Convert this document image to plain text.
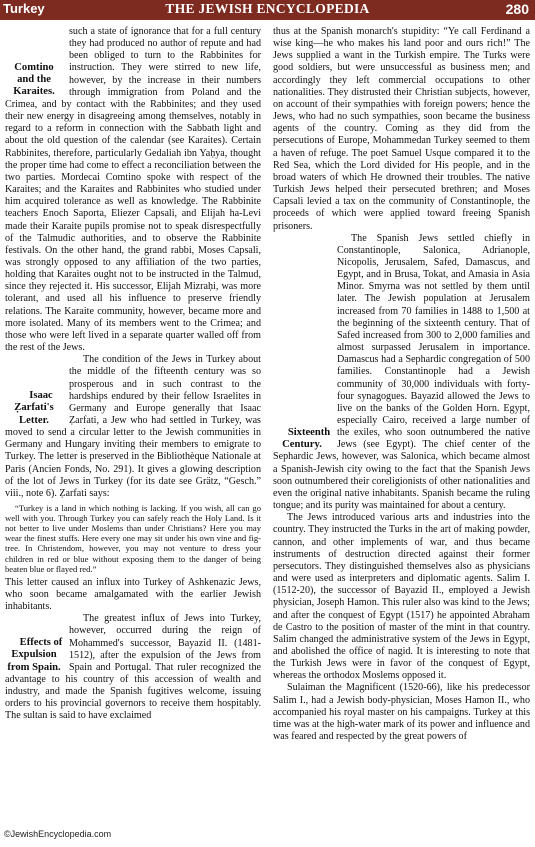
Turkey	THE JEWISH ENCYCLOPEDIA	280

Comtino
and the
Karaites.
such a state of ignorance that for a full century they had produced no author of repute and had been obliged to turn to the Rabbinites for instruction. They were stirred to new life, however, by the increase in their numbers through immigration from Poland and the Crimea, and by contact with the Rabbinites; and they used their new energy in disagreeing among themselves, notably in regard to a reform in connection with the Sabbath light and about the old question of the calendar (see Karaites). Certain Rabbinites, therefore, particularly Gedaliah ibn Yaḥya, thought the proper time had come to effect a reconciliation between the two parties. Mordecai Comtino spoke with respect of the Karaites; and the Karaites and Rabbinites who studied under him acquired tolerance as well as knowledge. The Rabbinite teachers Enoch Saporta, Eliezer Capsali, and Elijah ha-Levi made their Karaite pupils promise not to speak disrespectfully of the Talmudic authorities, and to observe the Rabbinite festivals. On the other hand, the grand rabbi, Moses Capsali, was strongly opposed to any affiliation of the two parties, holding that Karaites ought not to be instructed in the Talmud, since they rejected it. His successor, Elijah Mizraḥi, was more tolerant, and used all his influence to preserve friendly relations. The Karaite community, however, became more and more isolated. Many of its members went to the Crimea; and those who were left lived in a separate quarter walled off from the rest of the Jews.

Isaac
Ẓarfati's
Letter.
The condition of the Jews in Turkey about the middle of the fifteenth century was so prosperous and in such contrast to the hardships endured by their fellow Israelites in Germany and Europe generally that Isaac Ẓarfati, a Jew who had settled in Turkey, was moved to send a circular letter to the Jewish communities in Germany and Hungary inviting their members to emigrate to Turkey. The letter is preserved in the Bibliothèque Nationale at Paris (Ancien Fonds, No. 291). It gives a glowing description of the lot of Jews in Turkey (for its date see Grätz, “Gesch.” viii., note 6). Ẓarfati says:

“Turkey is a land in which nothing is lacking. If you wish, all can go well with you. Through Turkey you can safely reach the Holy Land. Is it not better to live under Moslems than under Christians? Here you may wear the finest stuffs. Here every one may sit under his own vine and fig-tree. In Christendom, however, you may not venture to dress your children in red or blue without exposing them to the danger of being beaten blue or flayed red.”

This letter caused an influx into Turkey of Ashkenazic Jews, who soon became amalgamated with the earlier Jewish inhabitants.

Effects of
Expulsion
from Spain.
The greatest influx of Jews into Turkey, however, occurred during the reign of Mohammed's successor, Bayazid II. (1481-1512), after the expulsion of the Jews from Spain and Portugal. That ruler recognized the advantage to his country of this accession of wealth and industry, and made the Spanish fugitives welcome, issuing orders to his provincial governors to receive them hospitably. The sultan is said to have exclaimed

thus at the Spanish monarch's stupidity: “Ye call Ferdinand a wise king—he who makes his land poor and ours rich!” The Jews supplied a want in the Turkish empire. The Turks were good soldiers, but were unsuccessful as business men; and accordingly they left commercial occupations to other nationalities. They distrusted their Christian subjects, however, on account of their sympathies with foreign powers; hence the Jews, who had no such sympathies, soon became the business agents of the country. Coming as they did from the persecutions of Europe, Mohammedan Turkey seemed to them a haven of refuge. The poet Samuel Usque compared it to the Red Sea, which the Lord divided for His people, and in the broad waters of which He drowned their troubles. The native Turkish Jews helped their persecuted brethren; and Moses Capsali levied a tax on the community of Constantinople, the proceeds of which were applied toward freeing Spanish prisoners.

Sixteenth
Century.
The Spanish Jews settled chiefly in Constantinople, Salonica, Adrianople, Nicopolis, Jerusalem, Safed, Damascus, and Egypt, and in Brusa, Tokat, and Amasia in Asia Minor. Smyrna was not settled by them until later. The Jewish population at Jerusalem increased from 70 families in 1488 to 1,500 at the beginning of the sixteenth century. That of Safed increased from 300 to 2,000 families and almost surpassed Jerusalem in importance. Damascus had a Sephardic congregation of 500 families. Constantinople had a Jewish community of 30,000 individuals with forty-four synagogues. Bayazid allowed the Jews to live on the banks of the Golden Horn. Egypt, especially Cairo, received a large number of the exiles, who soon outnumbered the native Jews (see Egypt). The chief center of the Sephardic Jews, however, was Salonica, which became almost a Spanish-Jewish city owing to the fact that the Spanish Jews soon outnumbered their coreligionists of other nationalities and even the original native inhabitants. Spanish became the ruling tongue; and its purity was maintained for about a century.

The Jews introduced various arts and industries into the country. They instructed the Turks in the art of making powder, cannon, and other implements of war, and thus became instruments of destruction directed against their former persecutors. They distinguished themselves also as physicians and were used as interpreters and diplomatic agents. Salim I. (1512-20), the successor of Bayazid II., employed a Jewish physician, Joseph Hamon. This ruler also was kind to the Jews; and after the conquest of Egypt (1517) he appointed Abraham de Castro to the position of master of the mint in that country. Salim changed the administrative system of the Jews in Egypt, and abolished the office of nagid. It is interesting to note that the Turkish Jews were in favor of the conquest of Egypt, whereas the orthodox Moslems opposed it.

Sulaiman the Magnificent (1520-66), like his predecessor Salim I., had a Jewish body-physician, Moses Hamon II., who accompanied his royal master on his campaigns. Turkey at this time was at the high-water mark of its power and influence and was feared and respected by the great powers of

©JewishEncyclopedia.com
